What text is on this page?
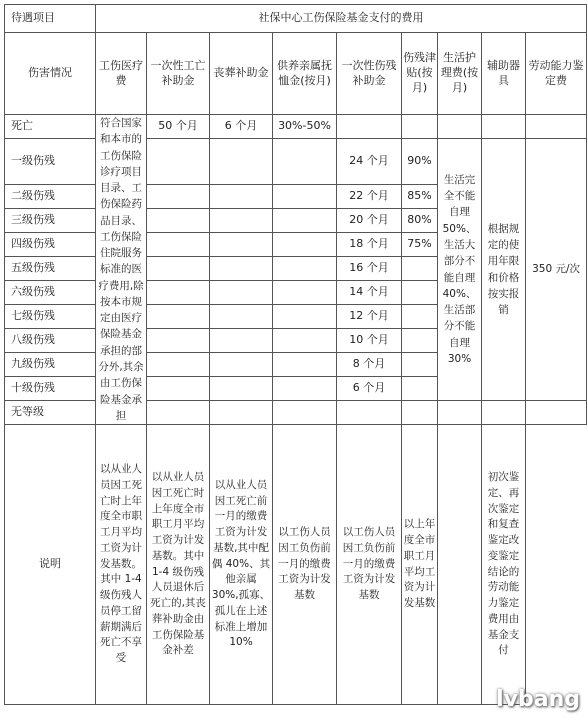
待遇项目	社保中心工伤保险基金支付的费用								
伤害情况	工伤医疗费	一次性工亡补助金	丧葬补助金	供养亲属抚恤金(按月)	一次性伤残补助金	伤残津贴(按月)	生活护理费(按月)	辅助器具	劳动能力鉴定费
死亡	符合国家和本市的工伤保险诊疗项目目录、工伤保险药品目录、工伤保险住院服务标准的医疗费用,除按本市规定由医疗保险基金承担的部分外,其余由工伤保险基金承担	50 个月	6 个月	30%-50%					
一级伤残					24 个月	90%	生活完全不能自理 50%、生活大部分不能自理 40%、生活部分不能自理 30%	根据规定的使用年限和价格按实报销	350 元/次
二级伤残					22 个月	85%			
三级伤残					20 个月	80%			
四级伤残					18 个月	75%			
五级伤残					16 个月				
六级伤残					14 个月				
七级伤残					12 个月				
八级伤残					10 个月				
九级伤残					8 个月				
十级伤残					6 个月				
无等级									
说明	以从业人员因工死亡时上年度全市职工月平均工资为计发基数。其中 1-4 级伤残人员停工留薪期满后死亡不享受	以从业人员因工死亡时上年度全市职工月平均工资为计发基数。其中 1-4 级伤残人员退休后死亡的,其丧葬补助金由工伤保险基金补差	以从业人员因工死亡前一月的缴费工资为计发基数,其中配偶 40%、其他亲属 30%,孤寡、孤儿在上述标准上增加 10%	以工伤人员因工负伤前一月的缴费工资为计发基数	以工伤人员因工负伤前一月的缴费工资为计发基数	以上年度全市职工月平均工资为计发基数		初次鉴定、再次鉴定和复查鉴定改变鉴定结论的劳动能力鉴定费用由基金支付	
lvbang
